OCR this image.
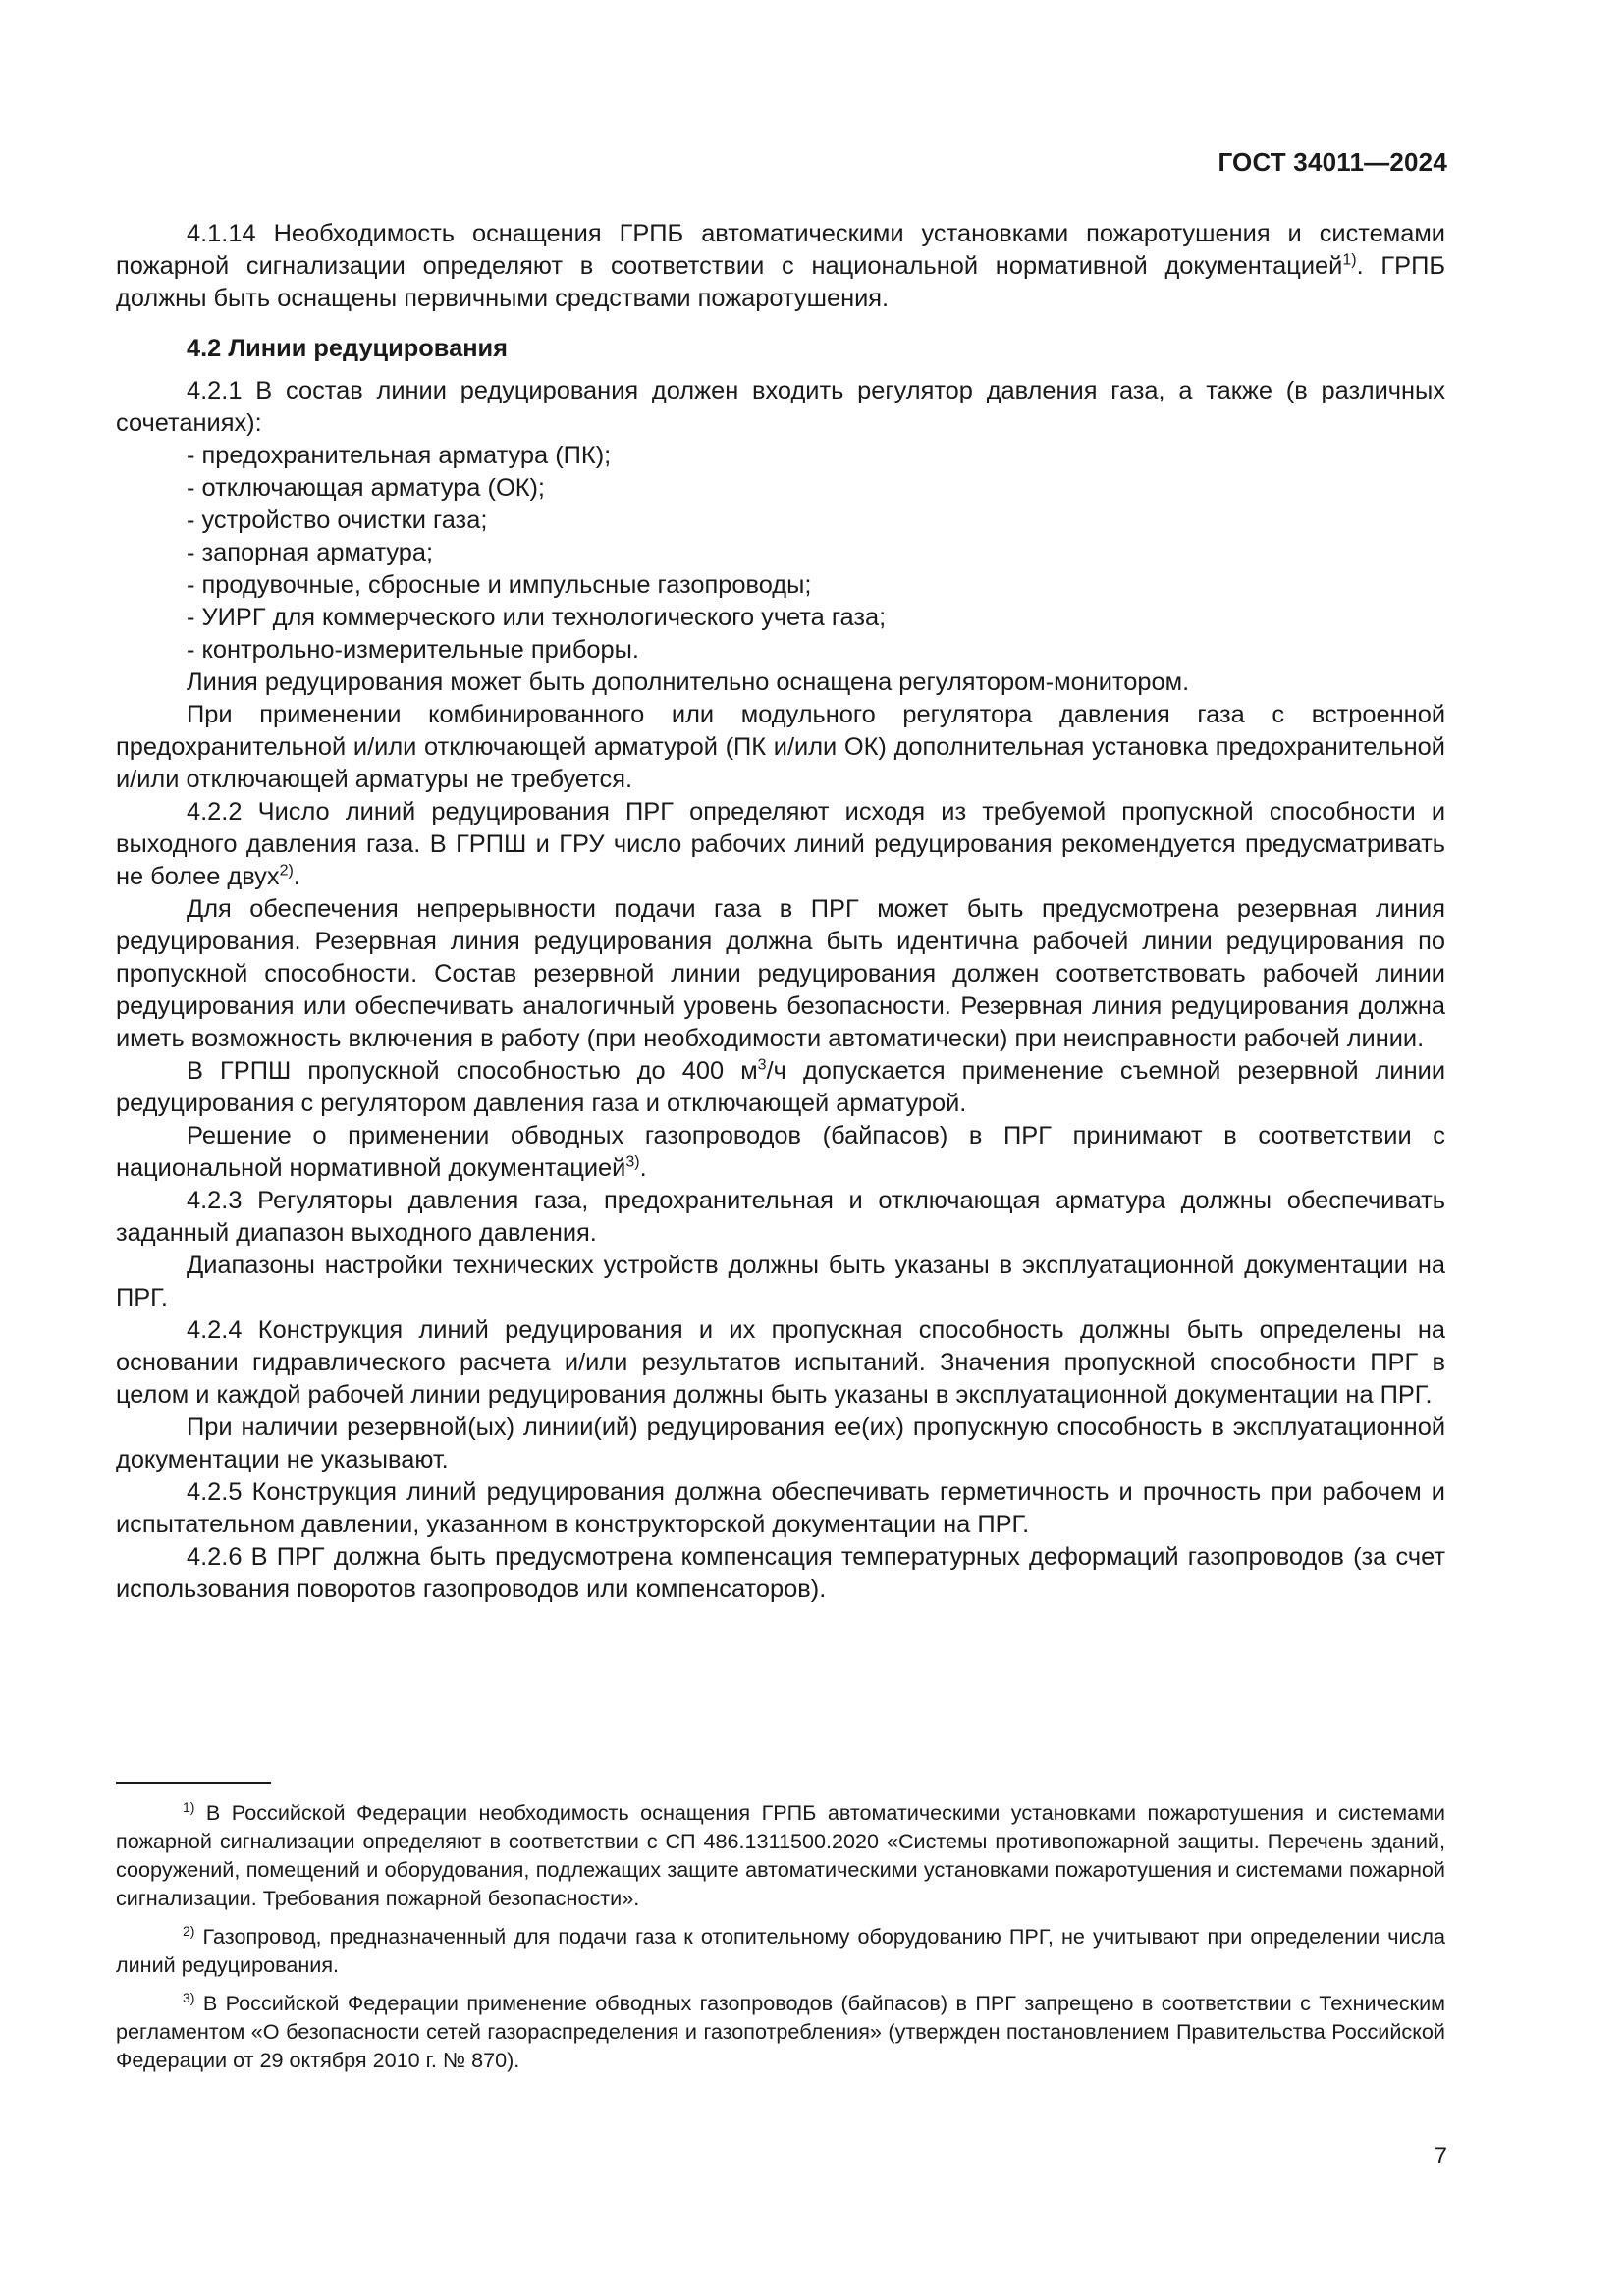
ГОСТ 34011—2024

4.1.14 Необходимость оснащения ГРПБ автоматическими установками пожаротушения и системами пожарной сигнализации определяют в соответствии с национальной нормативной документацией$^{1)}$. ГРПБ должны быть оснащены первичными средствами пожаротушения.

4.2 Линии редуцирования

4.2.1 В состав линии редуцирования должен входить регулятор давления газа, а также (в различных сочетаниях):

- предохранительная арматура (ПК);

- отключающая арматура (ОК);

- устройство очистки газа;

- запорная арматура;

- продувочные, сбросные и импульсные газопроводы;

- УИРГ для коммерческого или технологического учета газа;

- контрольно-измерительные приборы.

Линия редуцирования может быть дополнительно оснащена регулятором-монитором.

При применении комбинированного или модульного регулятора давления газа с встроенной предохранительной и/или отключающей арматурой (ПК и/или ОК) дополнительная установка предохранительной и/или отключающей арматуры не требуется.

4.2.2 Число линий редуцирования ПРГ определяют исходя из требуемой пропускной способности и выходного давления газа. В ГРПШ и ГРУ число рабочих линий редуцирования рекомендуется предусматривать не более двух$^{2)}$.

Для обеспечения непрерывности подачи газа в ПРГ может быть предусмотрена резервная линия редуцирования. Резервная линия редуцирования должна быть идентична рабочей линии редуцирования по пропускной способности. Состав резервной линии редуцирования должен соответствовать рабочей линии редуцирования или обеспечивать аналогичный уровень безопасности. Резервная линия редуцирования должна иметь возможность включения в работу (при необходимости автоматически) при неисправности рабочей линии.

В ГРПШ пропускной способностью до 400 $м^3/ч$ допускается применение съемной резервной линии редуцирования с регулятором давления газа и отключающей арматурой.

Решение о применении обводных газопроводов (байпасов) в ПРГ принимают в соответствии с национальной нормативной документацией$^{3)}$.

4.2.3 Регуляторы давления газа, предохранительная и отключающая арматура должны обеспечивать заданный диапазон выходного давления.

Диапазоны настройки технических устройств должны быть указаны в эксплуатационной документации на ПРГ.

4.2.4 Конструкция линий редуцирования и их пропускная способность должны быть определены на основании гидравлического расчета и/или результатов испытаний. Значения пропускной способности ПРГ в целом и каждой рабочей линии редуцирования должны быть указаны в эксплуатационной документации на ПРГ.

При наличии резервной(ых) линии(ий) редуцирования ее(их) пропускную способность в эксплуатационной документации не указывают.

4.2.5 Конструкция линий редуцирования должна обеспечивать герметичность и прочность при рабочем и испытательном давлении, указанном в конструкторской документации на ПРГ.

4.2.6 В ПРГ должна быть предусмотрена компенсация температурных деформаций газопроводов (за счет использования поворотов газопроводов или компенсаторов).

$^{1)}$ В Российской Федерации необходимость оснащения ГРПБ автоматическими установками пожаротушения и системами пожарной сигнализации определяют в соответствии с СП 486.1311500.2020 «Системы противопожарной защиты. Перечень зданий, сооружений, помещений и оборудования, подлежащих защите автоматическими установками пожаротушения и системами пожарной сигнализации. Требования пожарной безопасности».

$^{2)}$ Газопровод, предназначенный для подачи газа к отопительному оборудованию ПРГ, не учитывают при определении числа линий редуцирования.

$^{3)}$ В Российской Федерации применение обводных газопроводов (байпасов) в ПРГ запрещено в соответствии с Техническим регламентом «О безопасности сетей газораспределения и газопотребления» (утвержден постановлением Правительства Российской Федерации от 29 октября 2010 г. № 870).

7
